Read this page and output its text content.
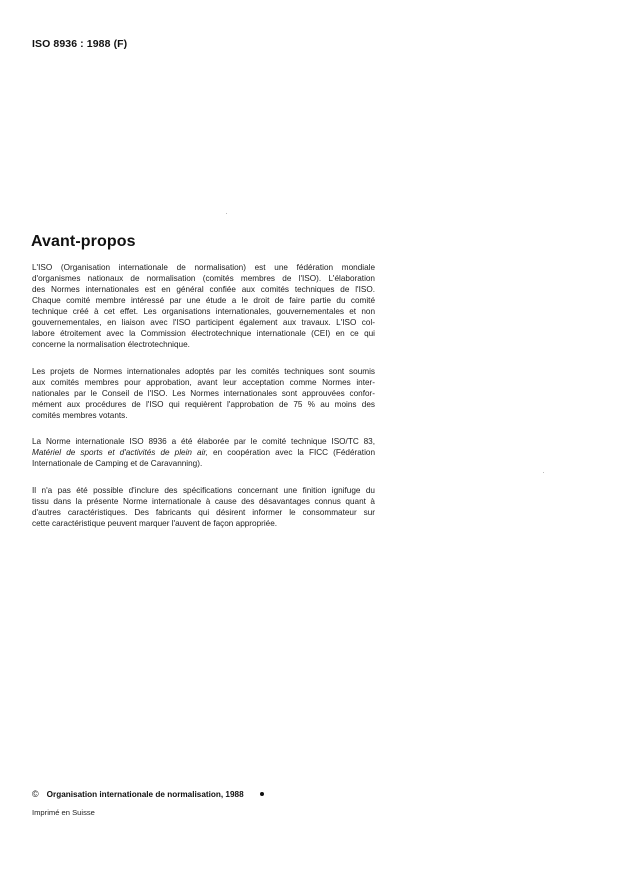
ISO 8936 : 1988 (F)
Avant-propos
L'ISO (Organisation internationale de normalisation) est une fédération mondiale
d'organismes nationaux de normalisation (comités membres de l'ISO). L'élaboration
des Normes internationales est en général confiée aux comités techniques de l'ISO.
Chaque comité membre intéressé par une étude a le droit de faire partie du comité
technique créé à cet effet. Les organisations internationales, gouvernementales et non
gouvernementales, en liaison avec l'ISO participent également aux travaux. L'ISO col-
labore étroitement avec la Commission électrotechnique internationale (CEI) en ce qui
concerne la normalisation électrotechnique.
Les projets de Normes internationales adoptés par les comités techniques sont soumis
aux comités membres pour approbation, avant leur acceptation comme Normes inter-
nationales par le Conseil de l'ISO. Les Normes internationales sont approuvées confor-
mément aux procédures de l'ISO qui requièrent l'approbation de 75 % au moins des
comités membres votants.
La Norme internationale ISO 8936 a été élaborée par le comité technique ISO/TC 83,
Matériel de sports et d'activités de plein air, en coopération avec la FICC (Fédération
Internationale de Camping et de Caravanning).
Il n'a pas été possible d'inclure des spécifications concernant une finition ignifuge du
tissu dans la présente Norme internationale à cause des désavantages connus quant à
d'autres caractéristiques. Des fabricants qui désirent informer le consommateur sur
cette caractéristique peuvent marquer l'auvent de façon appropriée.
© Organisation internationale de normalisation, 1988
Imprimé en Suisse
